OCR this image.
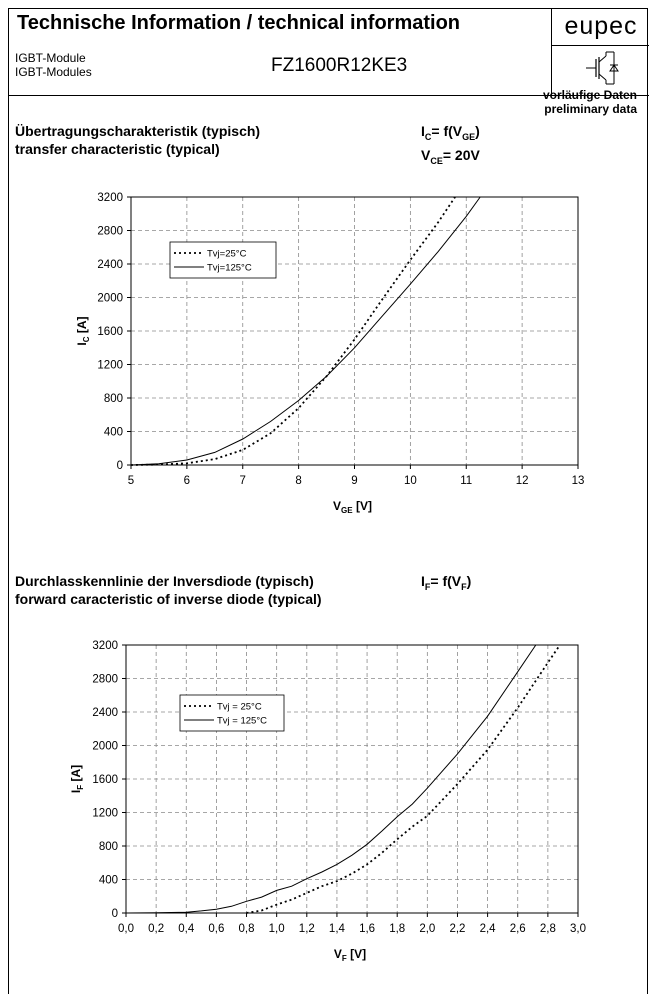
Technische Information / technical information	eupec
IGBT-Module
IGBT-Modules	FZ1600R12KE3
vorläufige Daten
preliminary data
Übertragungscharakteristik (typisch)
transfer characteristic (typical)
$I_C= f(V_{GE})$
$V_{CE}= 20V$
Durchlasskennlinie der Inversdiode (typisch)
forward caracteristic of inverse diode (typical)
$I_F= f(V_F)$
5	6	7	8	9	10	11	12	13
0
400
800
1200
1600
2000
2400
2800
3200
$V_{GE}$ [V]
$I_C$ [A]
Tvj=25°C
Tvj=125°C
0,0 0,2 0,4 0,6 0,8 1,0 1,2 1,4 1,6 1,8 2,0 2,2 2,4 2,6 2,8 3,0
0
400
800
1200
1600
2000
2400
2800
3200
$V_F$ [V]
$I_F$ [A]
Tvj = 25°C
Tvj = 125°C
